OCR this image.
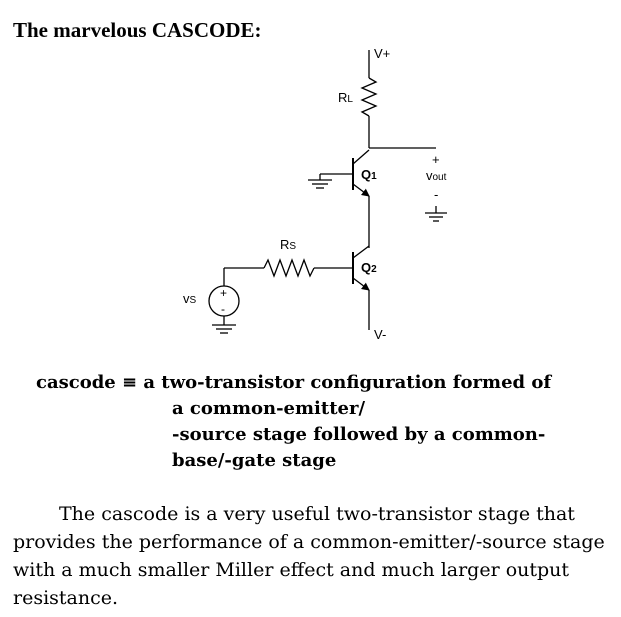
The marvelous CASCODE:
V+
RL
Q1
+
vout
-
RS
Q2
vS
+
-
V-
cascode ≡ a two-transistor configuration formed of
a common-emitter/
-source stage followed by a common-
base/-gate stage
The cascode is a very useful two-transistor stage that provides the performance of a common-emitter/-source stage with a much smaller Miller effect and much larger output resistance.
